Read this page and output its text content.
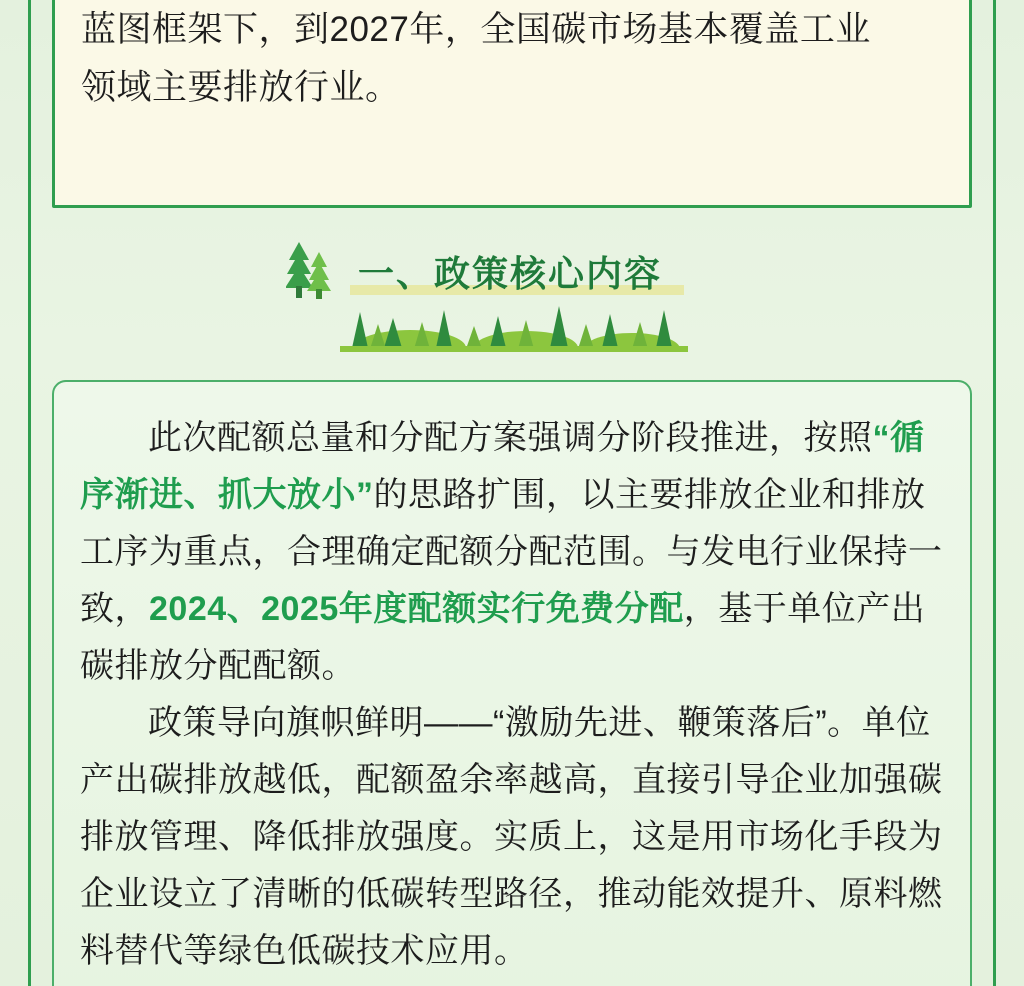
蓝图框架下，到2027年，全国碳市场基本覆盖工业

领域主要排放行业。

一、政策核心内容

此次配额总量和分配方案强调分阶段推进，按照“循序渐进、抓大放小”的思路扩围，以主要排放企业和排放工序为重点，合理确定配额分配范围。与发电行业保持一致，2024、2025年度配额实行免费分配，基于单位产出碳排放分配配额。

政策导向旗帜鲜明——“激励先进、鞭策落后”。单位产出碳排放越低，配额盈余率越高，直接引导企业加强碳排放管理、降低排放强度。实质上，这是用市场化手段为企业设立了清晰的低碳转型路径，推动能效提升、原料燃料替代等绿色低碳技术应用。
